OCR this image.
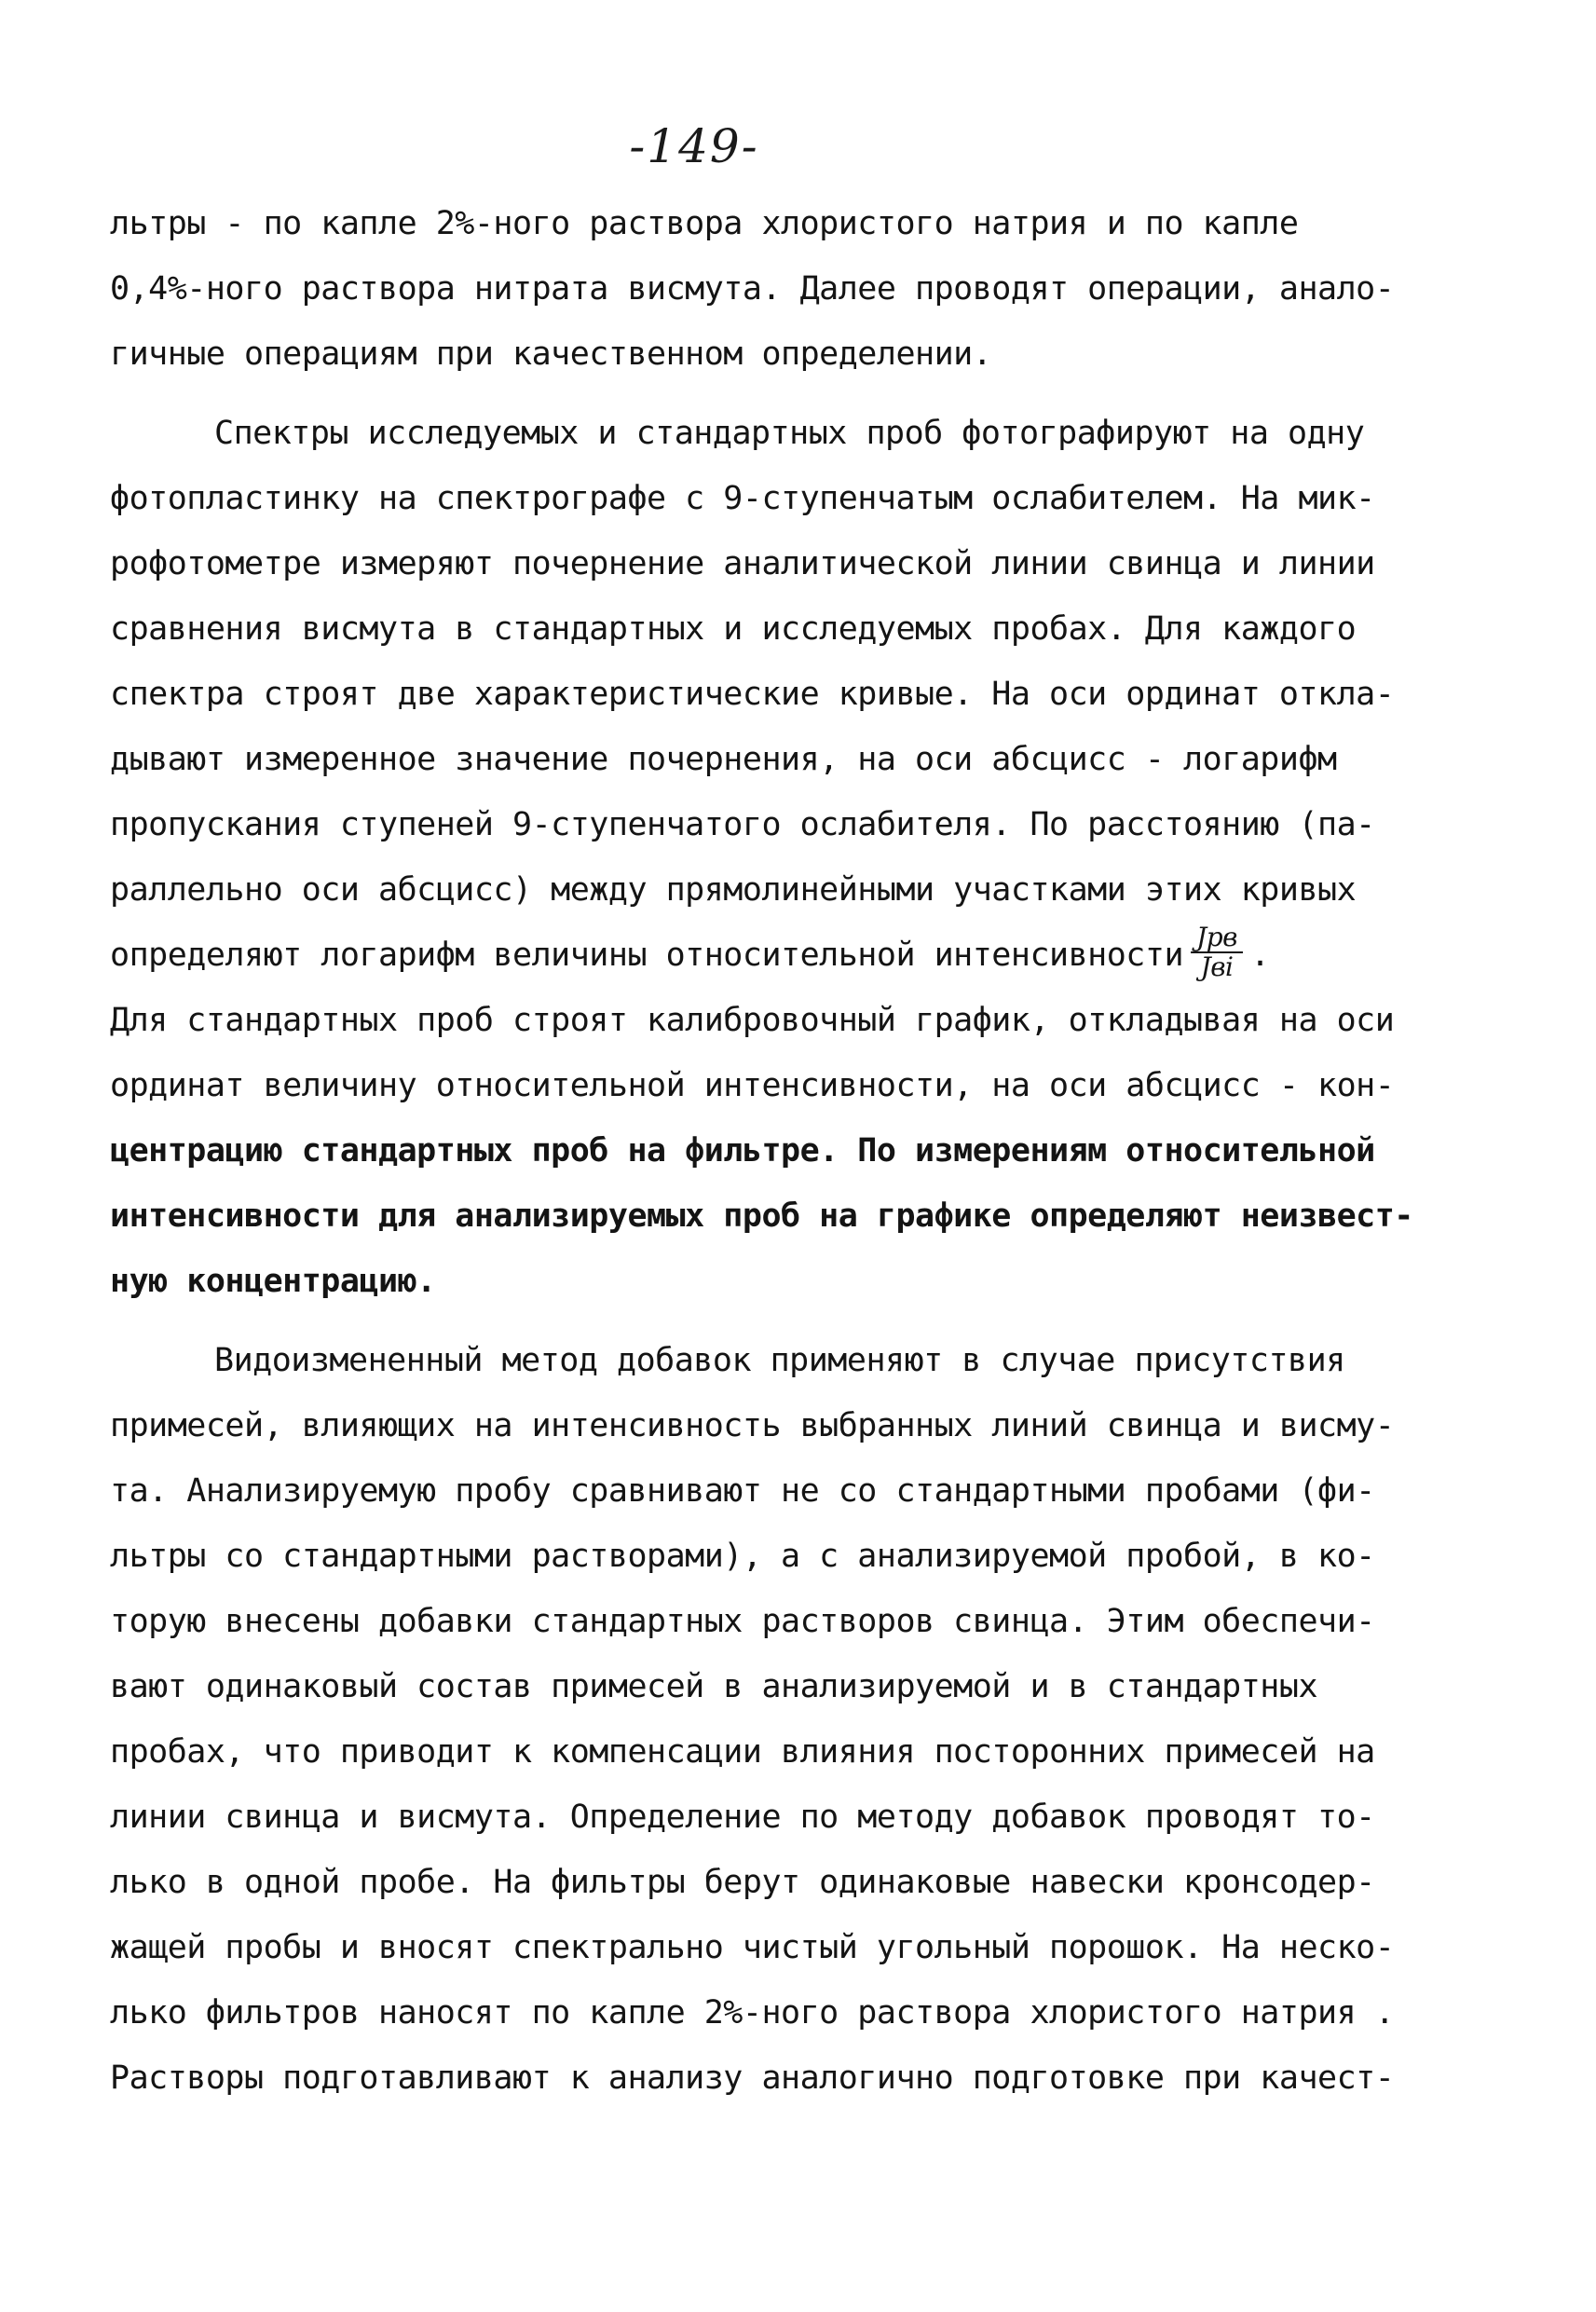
-149-
льтры - по капле 2%-ного раствора хлористого натрия и по капле
0,4%-ного раствора нитрата висмута. Далее проводят операции, анало-
гичные операциям при качественном определении.
Спектры исследуемых и стандартных проб фотографируют на одну
фотопластинку на спектрографе с 9-ступенчатым ослабителем. На мик-
рофотометре измеряют почернение аналитической линии свинца и линии
сравнения висмута в стандартных и исследуемых пробах. Для каждого
спектра строят две характеристические кривые. На оси ординат откла-
дывают измеренное значение почернения, на оси абсцисс - логарифм
пропускания ступеней 9-ступенчатого ослабителя. По расстоянию (па-
раллельно оси абсцисс) между прямолинейными участками этих кривых
определяют логарифм величины относительной интенсивности $\frac{\text{Jрв}}{\text{Jвi}}$ .
Для стандартных проб строят калибровочный график, откладывая на оси
ординат величину относительной интенсивности, на оси абсцисс - кон-
центрацию стандартных проб на фильтре. По измерениям относительной
интенсивности для анализируемых проб на графике определяют неизвест-
ную концентрацию.
Видоизмененный метод добавок применяют в случае присутствия
примесей, влияющих на интенсивность выбранных линий свинца и висму-
та. Анализируемую пробу сравнивают не со стандартными пробами (фи-
льтры со стандартными растворами), а с анализируемой пробой, в ко-
торую внесены добавки стандартных растворов свинца. Этим обеспечи-
вают одинаковый состав примесей в анализируемой и в стандартных
пробах, что приводит к компенсации влияния посторонних примесей на
линии свинца и висмута. Определение по методу добавок проводят то-
лько в одной пробе. На фильтры берут одинаковые навески кронсодер-
жащей пробы и вносят спектрально чистый угольный порошок. На неско-
лько фильтров наносят по капле 2%-ного раствора хлористого натрия .
Растворы подготавливают к анализу аналогично подготовке при качест-
